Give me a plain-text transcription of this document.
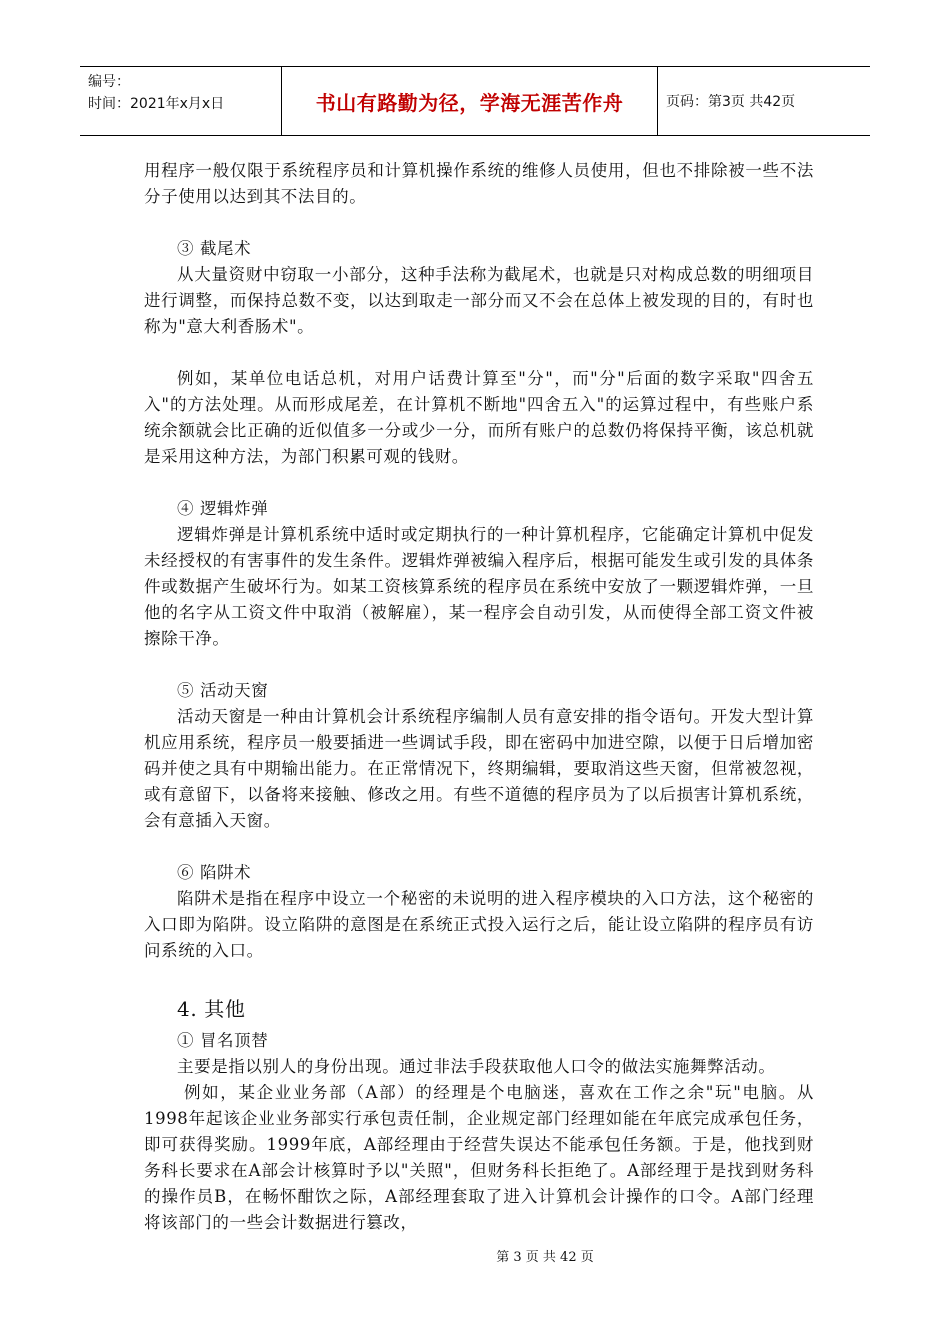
编号：
时间：2021年x月x日	书山有路勤为径，学海无涯苦作舟	页码：第3页 共42页

用程序一般仅限于系统程序员和计算机操作系统的维修人员使用，但也不排除被一些不法分子使用以达到其不法目的。

③ 截尾术

从大量资财中窃取一小部分，这种手法称为截尾术，也就是只对构成总数的明细项目进行调整，而保持总数不变，以达到取走一部分而又不会在总体上被发现的目的，有时也称为"意大利香肠术"。

例如，某单位电话总机，对用户话费计算至"分"，而"分"后面的数字采取"四舍五入"的方法处理。从而形成尾差，在计算机不断地"四舍五入"的运算过程中，有些账户系统余额就会比正确的近似值多一分或少一分，而所有账户的总数仍将保持平衡，该总机就是采用这种方法，为部门积累可观的钱财。

④ 逻辑炸弹

逻辑炸弹是计算机系统中适时或定期执行的一种计算机程序，它能确定计算机中促发未经授权的有害事件的发生条件。逻辑炸弹被编入程序后，根据可能发生或引发的具体条件或数据产生破坏行为。如某工资核算系统的程序员在系统中安放了一颗逻辑炸弹，一旦他的名字从工资文件中取消（被解雇），某一程序会自动引发，从而使得全部工资文件被擦除干净。

⑤ 活动天窗

活动天窗是一种由计算机会计系统程序编制人员有意安排的指令语句。开发大型计算机应用系统，程序员一般要插进一些调试手段，即在密码中加进空隙，以便于日后增加密码并使之具有中期输出能力。在正常情况下，终期编辑，要取消这些天窗，但常被忽视，或有意留下，以备将来接触、修改之用。有些不道德的程序员为了以后损害计算机系统，会有意插入天窗。

⑥ 陷阱术

陷阱术是指在程序中设立一个秘密的未说明的进入程序模块的入口方法，这个秘密的入口即为陷阱。设立陷阱的意图是在系统正式投入运行之后，能让设立陷阱的程序员有访问系统的入口。

4. 其他

① 冒名顶替

主要是指以别人的身份出现。通过非法手段获取他人口令的做法实施舞弊活动。

例如，某企业业务部（A部）的经理是个电脑迷，喜欢在工作之余"玩"电脑。从1998年起该企业业务部实行承包责任制，企业规定部门经理如能在年底完成承包任务，即可获得奖励。1999年底，A部经理由于经营失误达不能承包任务额。于是，他找到财务科长要求在A部会计核算时予以"关照"，但财务科长拒绝了。A部经理于是找到财务科的操作员B，在畅怀酣饮之际，A部经理套取了进入计算机会计操作的口令。A部门经理将该部门的一些会计数据进行篡改，

第 3 页 共 42 页
